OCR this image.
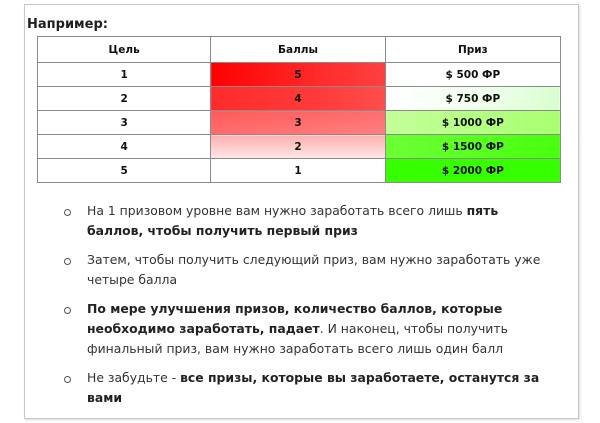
Например:
Цель	Баллы	Приз
1	5	$ 500 ФР
2	4	$ 750 ФР
3	3	$ 1000 ФР
4	2	$ 1500 ФР
5	1	$ 2000 ФР
На 1 призовом уровне вам нужно заработать всего лишь пять баллов, чтобы получить первый приз
Затем, чтобы получить следующий приз, вам нужно заработать уже четыре балла
По мере улучшения призов, количество баллов, которые необходимо заработать, падает. И наконец, чтобы получить финальный приз, вам нужно заработать всего лишь один балл
Не забудьте - все призы, которые вы заработаете, останутся за вами
